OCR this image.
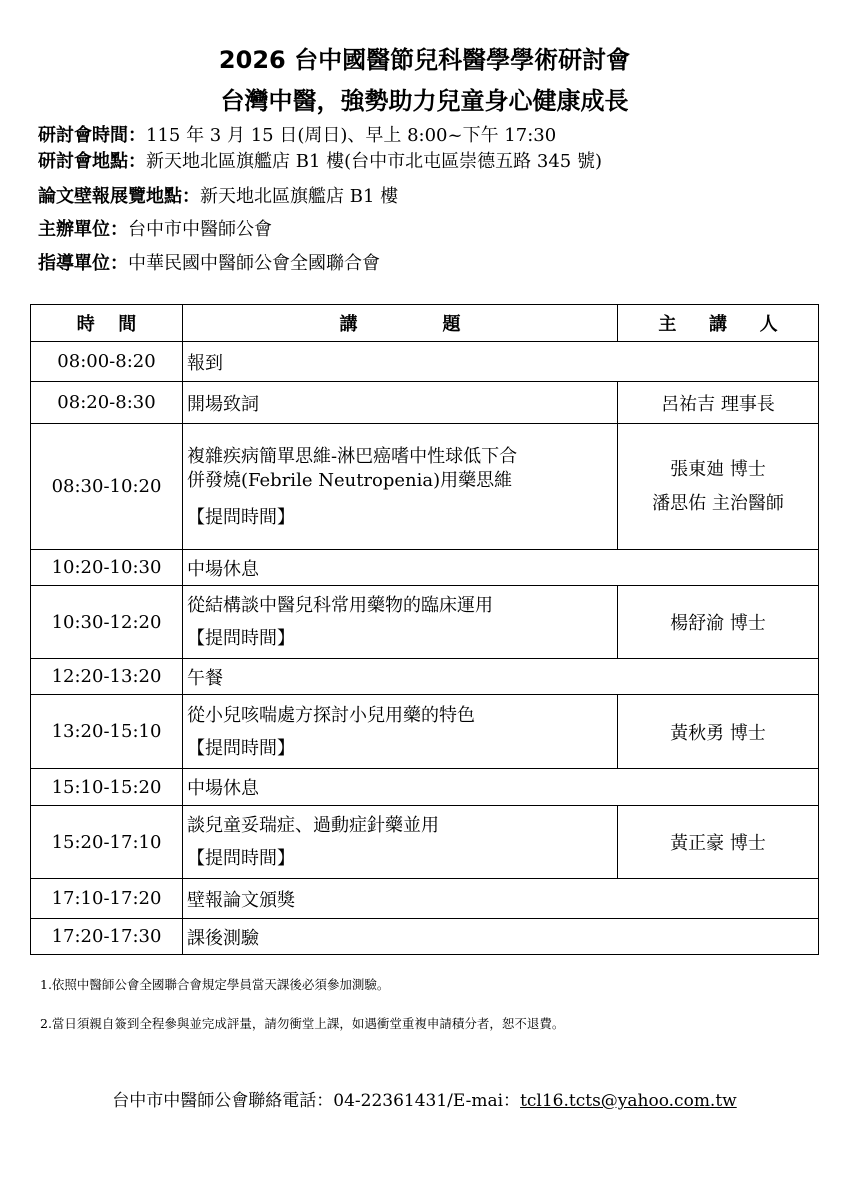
2026 台中國醫節兒科醫學學術研討會
台灣中醫，強勢助力兒童身心健康成長
研討會時間：115 年 3 月 15 日(周日)、早上 8:00~下午 17:30
研討會地點：新天地北區旗艦店 B1 樓(台中市北屯區崇德五路 345 號)
論文壁報展覽地點：新天地北區旗艦店 B1 樓
主辦單位：台中市中醫師公會
指導單位：中華民國中醫師公會全國聯合會
時 間	講 題	主 講 人

08:00-8:20	報到	
08:20-8:30	開場致詞	呂祐吉 理事長
08:30-10:20	複雜疾病簡單思維-淋巴癌嗜中性球低下合
併發燒(Febrile Neutropenia)用藥思維
【提問時間】	張東廸 博士
潘思佑 主治醫師

10:20-10:30	中場休息	
10:30-12:20	從結構談中醫兒科常用藥物的臨床運用
【提問時間】	楊舒渝 博士
12:20-13:20	午餐	
13:20-15:10	從小兒咳喘處方探討小兒用藥的特色
【提問時間】	黃秋勇 博士
15:10-15:20	中場休息	
15:20-17:10	談兒童妥瑞症、過動症針藥並用
【提問時間】	黃正豪 博士
17:10-17:20	壁報論文頒獎	
17:20-17:30	課後測驗	
1.依照中醫師公會全國聯合會規定學員當天課後必須參加測驗。
2.當日須親自簽到全程參與並完成評量，請勿衝堂上課，如遇衝堂重複申請積分者，恕不退費。
台中市中醫師公會聯絡電話：04-22361431/E-mai：tcl16.tcts@yahoo.com.tw
